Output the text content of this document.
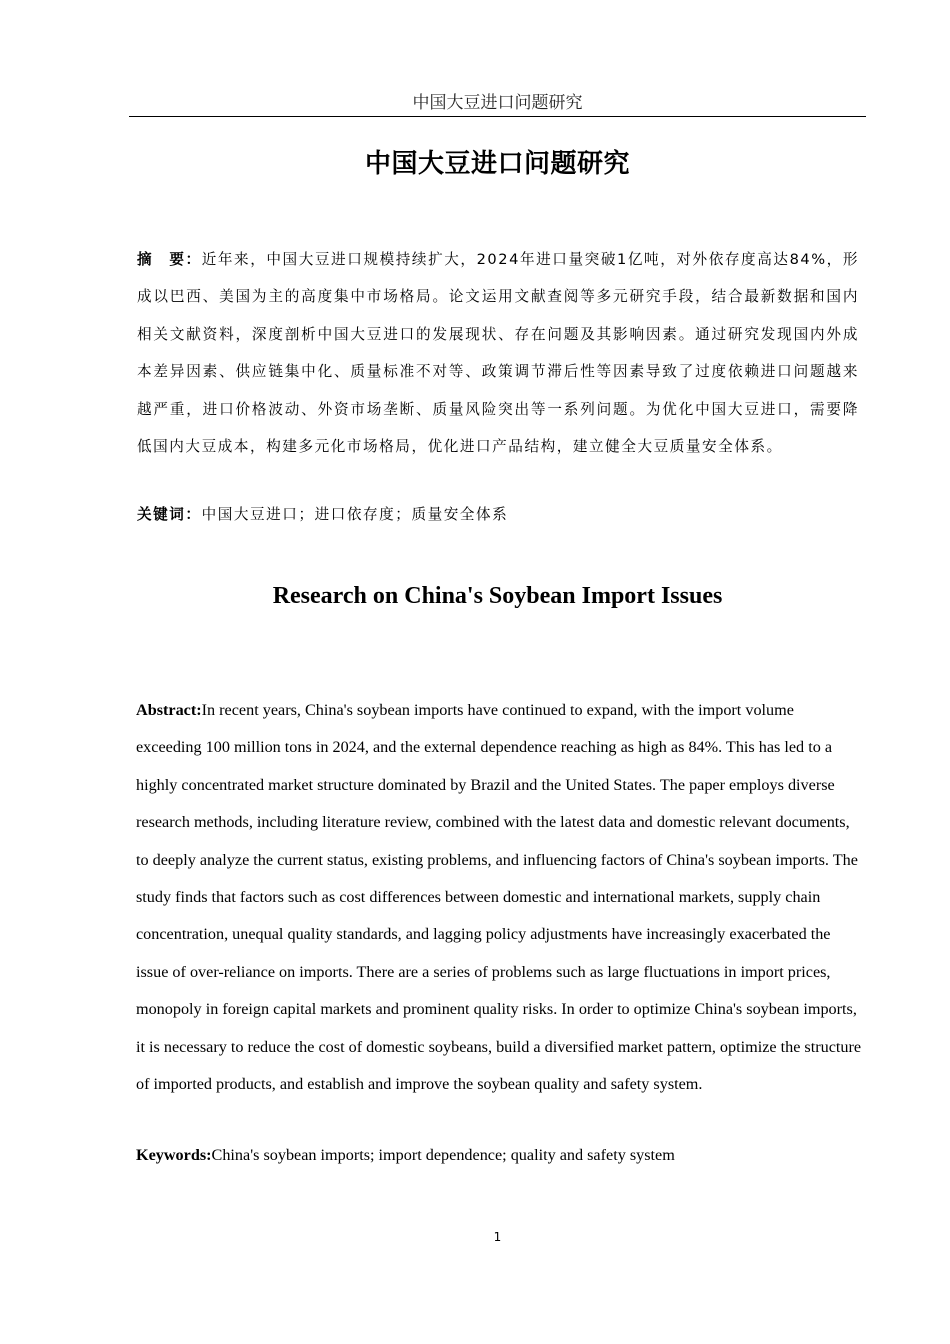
中国大豆进口问题研究
中国大豆进口问题研究

摘　要：近年来，中国大豆进口规模持续扩大，2024年进口量突破1亿吨，对外依存度高达84%，形成以巴西、美国为主的高度集中市场格局。论文运用文献查阅等多元研究手段，结合最新数据和国内相关文献资料，深度剖析中国大豆进口的发展现状、存在问题及其影响因素。通过研究发现国内外成本差异因素、供应链集中化、质量标准不对等、政策调节滞后性等因素导致了过度依赖进口问题越来越严重，进口价格波动、外资市场垄断、质量风险突出等一系列问题。为优化中国大豆进口，需要降低国内大豆成本，构建多元化市场格局，优化进口产品结构，建立健全大豆质量安全体系。

关键词：中国大豆进口；进口依存度；质量安全体系

Research on China's Soybean Import Issues

Abstract:In recent years, China's soybean imports have continued to expand, with the import volume exceeding 100 million tons in 2024, and the external dependence reaching as high as 84%. This has led to a highly concentrated market structure dominated by Brazil and the United States. The paper employs diverse research methods, including literature review, combined with the latest data and domestic relevant documents, to deeply analyze the current status, existing problems, and influencing factors of China's soybean imports. The study finds that factors such as cost differences between domestic and international markets, supply chain concentration, unequal quality standards, and lagging policy adjustments have increasingly exacerbated the issue of over-reliance on imports. There are a series of problems such as large fluctuations in import prices, monopoly in foreign capital markets and prominent quality risks. In order to optimize China's soybean imports, it is necessary to reduce the cost of domestic soybeans, build a diversified market pattern, optimize the structure of imported products, and establish and improve the soybean quality and safety system.

Keywords:China's soybean imports; import dependence; quality and safety system

1
